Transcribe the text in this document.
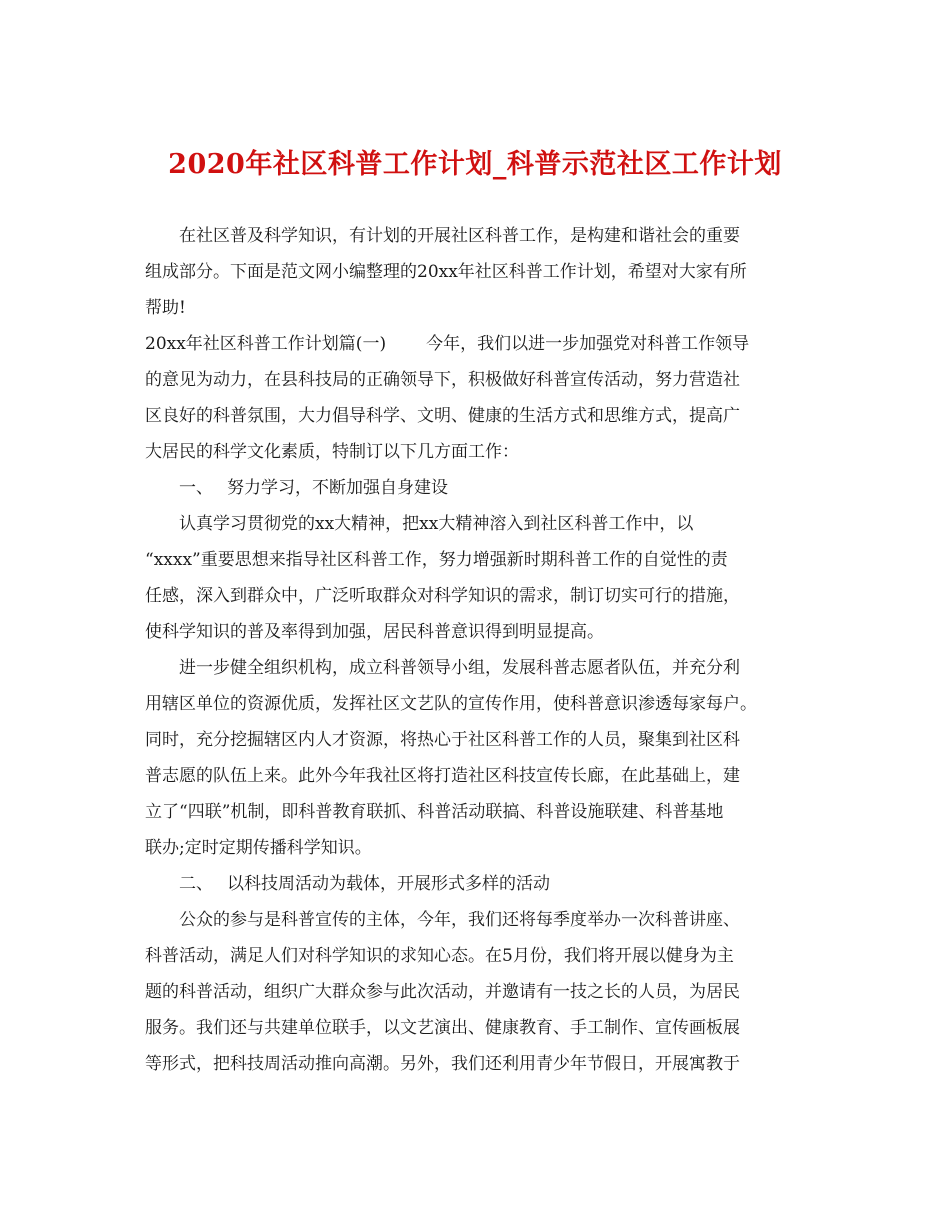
2020年社区科普工作计划_科普示范社区工作计划
在社区普及科学知识，有计划的开展社区科普工作，是构建和谐社会的重要
组成部分。下面是范文网小编整理的20xx年社区科普工作计划，希望对大家有所
帮助!
20xx年社区科普工作计划篇(一) 今年，我们以进一步加强党对科普工作领导
的意见为动力，在县科技局的正确领导下，积极做好科普宣传活动，努力营造社
区良好的科普氛围，大力倡导科学、文明、健康的生活方式和思维方式，提高广
大居民的科学文化素质，特制订以下几方面工作：
一、 努力学习，不断加强自身建设
认真学习贯彻党的xx大精神，把xx大精神溶入到社区科普工作中，以
“xxxx”重要思想来指导社区科普工作，努力增强新时期科普工作的自觉性的责
任感，深入到群众中，广泛听取群众对科学知识的需求，制订切实可行的措施，
使科学知识的普及率得到加强，居民科普意识得到明显提高。
进一步健全组织机构，成立科普领导小组，发展科普志愿者队伍，并充分利
用辖区单位的资源优质，发挥社区文艺队的宣传作用，使科普意识渗透每家每户。
同时，充分挖掘辖区内人才资源，将热心于社区科普工作的人员，聚集到社区科
普志愿的队伍上来。此外今年我社区将打造社区科技宣传长廊，在此基础上，建
立了“四联”机制，即科普教育联抓、科普活动联搞、科普设施联建、科普基地
联办;定时定期传播科学知识。
二、 以科技周活动为载体，开展形式多样的活动
公众的参与是科普宣传的主体，今年，我们还将每季度举办一次科普讲座、
科普活动，满足人们对科学知识的求知心态。在5月份，我们将开展以健身为主
题的科普活动，组织广大群众参与此次活动，并邀请有一技之长的人员，为居民
服务。我们还与共建单位联手，以文艺演出、健康教育、手工制作、宣传画板展
等形式，把科技周活动推向高潮。另外，我们还利用青少年节假日，开展寓教于
